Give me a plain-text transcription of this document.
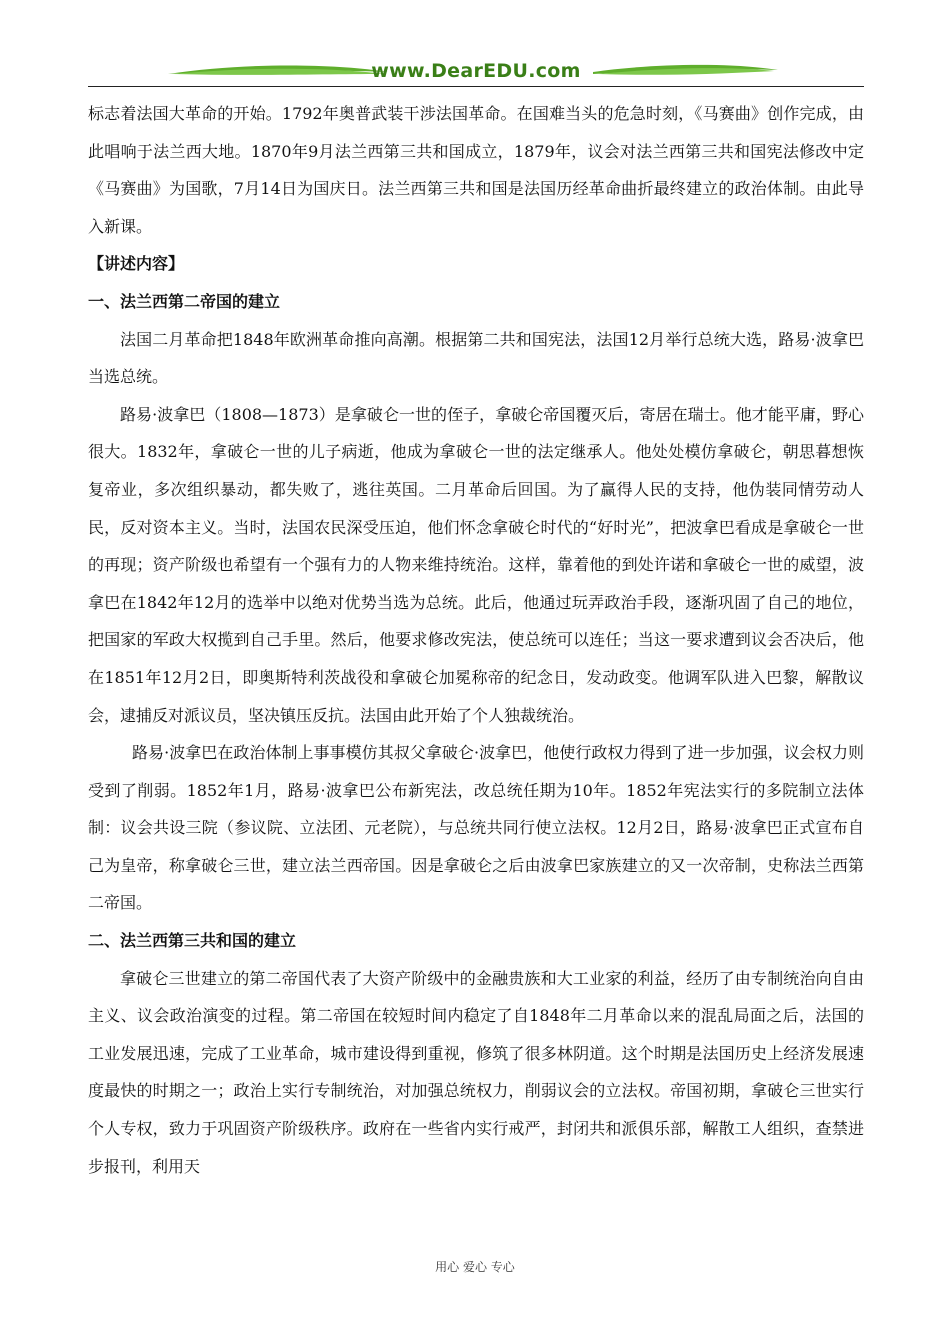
www.DearEDU.com

标志着法国大革命的开始。1792年奥普武装干涉法国革命。在国难当头的危急时刻，《马赛曲》创作完成，由此唱响于法兰西大地。1870年9月法兰西第三共和国成立，1879年，议会对法兰西第三共和国宪法修改中定《马赛曲》为国歌，7月14日为国庆日。法兰西第三共和国是法国历经革命曲折最终建立的政治体制。由此导入新课。

【讲述内容】

一、法兰西第二帝国的建立

法国二月革命把1848年欧洲革命推向高潮。根据第二共和国宪法，法国12月举行总统大选，路易·波拿巴当选总统。

路易·波拿巴（1808—1873）是拿破仑一世的侄子，拿破仑帝国覆灭后，寄居在瑞士。他才能平庸，野心很大。1832年，拿破仑一世的儿子病逝，他成为拿破仑一世的法定继承人。他处处模仿拿破仑，朝思暮想恢复帝业，多次组织暴动，都失败了，逃往英国。二月革命后回国。为了赢得人民的支持，他伪装同情劳动人民，反对资本主义。当时，法国农民深受压迫，他们怀念拿破仑时代的“好时光”，把波拿巴看成是拿破仑一世的再现；资产阶级也希望有一个强有力的人物来维持统治。这样，靠着他的到处许诺和拿破仑一世的威望，波拿巴在1842年12月的选举中以绝对优势当选为总统。此后，他通过玩弄政治手段，逐渐巩固了自己的地位，把国家的军政大权揽到自己手里。然后，他要求修改宪法，使总统可以连任；当这一要求遭到议会否决后，他在1851年12月2日，即奥斯特利茨战役和拿破仑加冕称帝的纪念日，发动政变。他调军队进入巴黎，解散议会，逮捕反对派议员，坚决镇压反抗。法国由此开始了个人独裁统治。

路易·波拿巴在政治体制上事事模仿其叔父拿破仑·波拿巴，他使行政权力得到了进一步加强，议会权力则受到了削弱。1852年1月，路易·波拿巴公布新宪法，改总统任期为10年。1852年宪法实行的多院制立法体制：议会共设三院（参议院、立法团、元老院），与总统共同行使立法权。12月2日，路易·波拿巴正式宣布自己为皇帝，称拿破仑三世，建立法兰西帝国。因是拿破仑之后由波拿巴家族建立的又一次帝制，史称法兰西第二帝国。

二、法兰西第三共和国的建立

拿破仑三世建立的第二帝国代表了大资产阶级中的金融贵族和大工业家的利益，经历了由专制统治向自由主义、议会政治演变的过程。第二帝国在较短时间内稳定了自1848年二月革命以来的混乱局面之后，法国的工业发展迅速，完成了工业革命，城市建设得到重视，修筑了很多林阴道。这个时期是法国历史上经济发展速度最快的时期之一；政治上实行专制统治，对加强总统权力，削弱议会的立法权。帝国初期，拿破仑三世实行个人专权，致力于巩固资产阶级秩序。政府在一些省内实行戒严，封闭共和派俱乐部，解散工人组织，查禁进步报刊，利用天

用心 爱心 专心
